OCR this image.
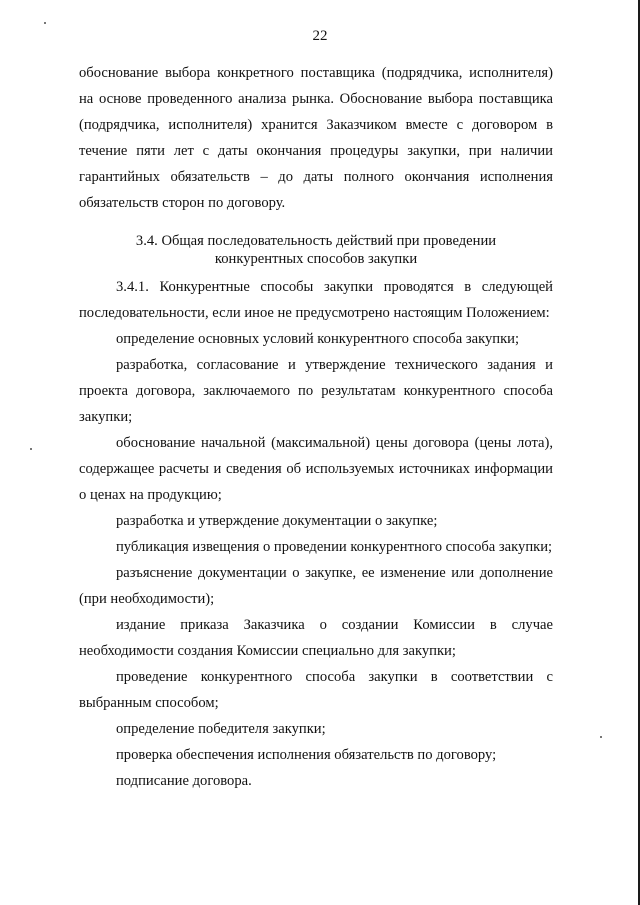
22

обоснование выбора конкретного поставщика (подрядчика, исполнителя) на основе проведенного анализа рынка. Обоснование выбора поставщика (подрядчика, исполнителя) хранится Заказчиком вместе с договором в течение пяти лет с даты окончания процедуры закупки, при наличии гарантийных обязательств – до даты полного окончания исполнения обязательств сторон по договору.

3.4. Общая последовательность действий при проведении
конкурентных способов закупки

3.4.1. Конкурентные способы закупки проводятся в следующей последовательности, если иное не предусмотрено настоящим Положением:

определение основных условий конкурентного способа закупки;

разработка, согласование и утверждение технического задания и проекта договора, заключаемого по результатам конкурентного способа закупки;

обоснование начальной (максимальной) цены договора (цены лота), содержащее расчеты и сведения об используемых источниках информации о ценах на продукцию;

разработка и утверждение документации о закупке;

публикация извещения о проведении конкурентного способа закупки;

разъяснение документации о закупке, ее изменение или дополнение (при необходимости);

издание приказа Заказчика о создании Комиссии в случае необходимости создания Комиссии специально для закупки;

проведение конкурентного способа закупки в соответствии с выбранным способом;

определение победителя закупки;

проверка обеспечения исполнения обязательств по договору;

подписание договора.
